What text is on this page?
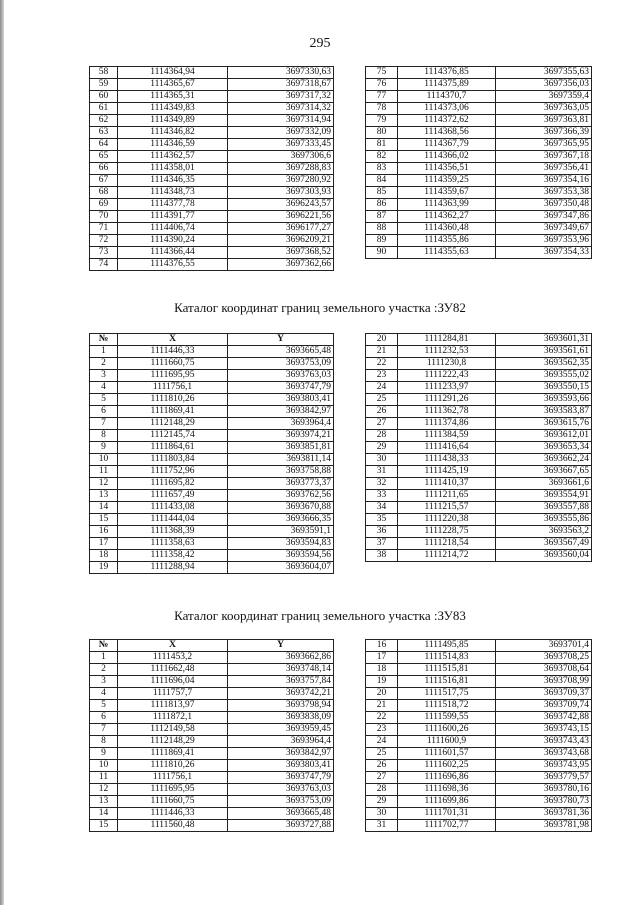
295
58	1114364,94	3697330,63
59	1114365,67	3697318,67
60	1114365,31	3697317,32
61	1114349,83	3697314,32
62	1114349,89	3697314,94
63	1114346,82	3697332,09
64	1114346,59	3697333,45
65	1114362,57	3697306,6
66	1114358,01	3697288,83
67	1114346,35	3697280,92
68	1114348,73	3697303,93
69	1114377,78	3696243,57
70	1114391,77	3696221,56
71	1114406,74	3696177,27
72	1114390,24	3696209,21
73	1114366,44	3697368,52
74	1114376,55	3697362,66
75	1114376,85	3697355,63
76	1114375,89	3697356,03
77	1114370,7	3697359,4
78	1114373,06	3697363,05
79	1114372,62	3697363,81
80	1114368,56	3697366,39
81	1114367,79	3697365,95
82	1114366,02	3697367,18
83	1114356,51	3697356,41
84	1114359,25	3697354,16
85	1114359,67	3697353,38
86	1114363,99	3697350,48
87	1114362,27	3697347,86
88	1114360,48	3697349,67
89	1114355,86	3697353,96
90	1114355,63	3697354,33
Каталог координат границ земельного участка :ЗУ82
№	X	Y
1	1111446,33	3693665,48
2	1111660,75	3693753,09
3	1111695,95	3693763,03
4	1111756,1	3693747,79
5	1111810,26	3693803,41
6	1111869,41	3693842,97
7	1112148,29	3693964,4
8	1112145,74	3693974,21
9	1111864,61	3693851,81
10	1111803,84	3693811,14
11	1111752,96	3693758,88
12	1111695,82	3693773,37
13	1111657,49	3693762,56
14	1111433,08	3693670,88
15	1111444,04	3693666,35
16	1111368,39	3693591,1
17	1111358,63	3693594,83
18	1111358,42	3693594,56
19	1111288,94	3693604,07
20	1111284,81	3693601,31
21	1111232,53	3693561,61
22	1111230,8	3693562,35
23	1111222,43	3693555,02
24	1111233,97	3693550,15
25	1111291,26	3693593,66
26	1111362,78	3693583,87
27	1111374,86	3693615,76
28	1111384,59	3693612,01
29	1111416,64	3693653,34
30	1111438,33	3693662,24
31	1111425,19	3693667,65
32	1111410,37	3693661,6
33	1111211,65	3693554,91
34	1111215,57	3693557,88
35	1111220,38	3693555,86
36	1111228,75	3693563,2
37	1111218,54	3693567,49
38	1111214,72	3693560,04
Каталог координат границ земельного участка :ЗУ83
№	X	Y
1	1111453,2	3693662,86
2	1111662,48	3693748,14
3	1111696,04	3693757,84
4	1111757,7	3693742,21
5	1111813,97	3693798,94
6	1111872,1	3693838,09
7	1112149,58	3693959,45
8	1112148,29	3693964,4
9	1111869,41	3693842,97
10	1111810,26	3693803,41
11	1111756,1	3693747,79
12	1111695,95	3693763,03
13	1111660,75	3693753,09
14	1111446,33	3693665,48
15	1111560,48	3693727,88
16	1111495,85	3693701,4
17	1111514,83	3693708,25
18	1111515,81	3693708,64
19	1111516,81	3693708,99
20	1111517,75	3693709,37
21	1111518,72	3693709,74
22	1111599,55	3693742,88
23	1111600,26	3693743,15
24	1111600,9	3693743,43
25	1111601,57	3693743,68
26	1111602,25	3693743,95
27	1111696,86	3693779,57
28	1111698,36	3693780,16
29	1111699,86	3693780,73
30	1111701,31	3693781,36
31	1111702,77	3693781,98
